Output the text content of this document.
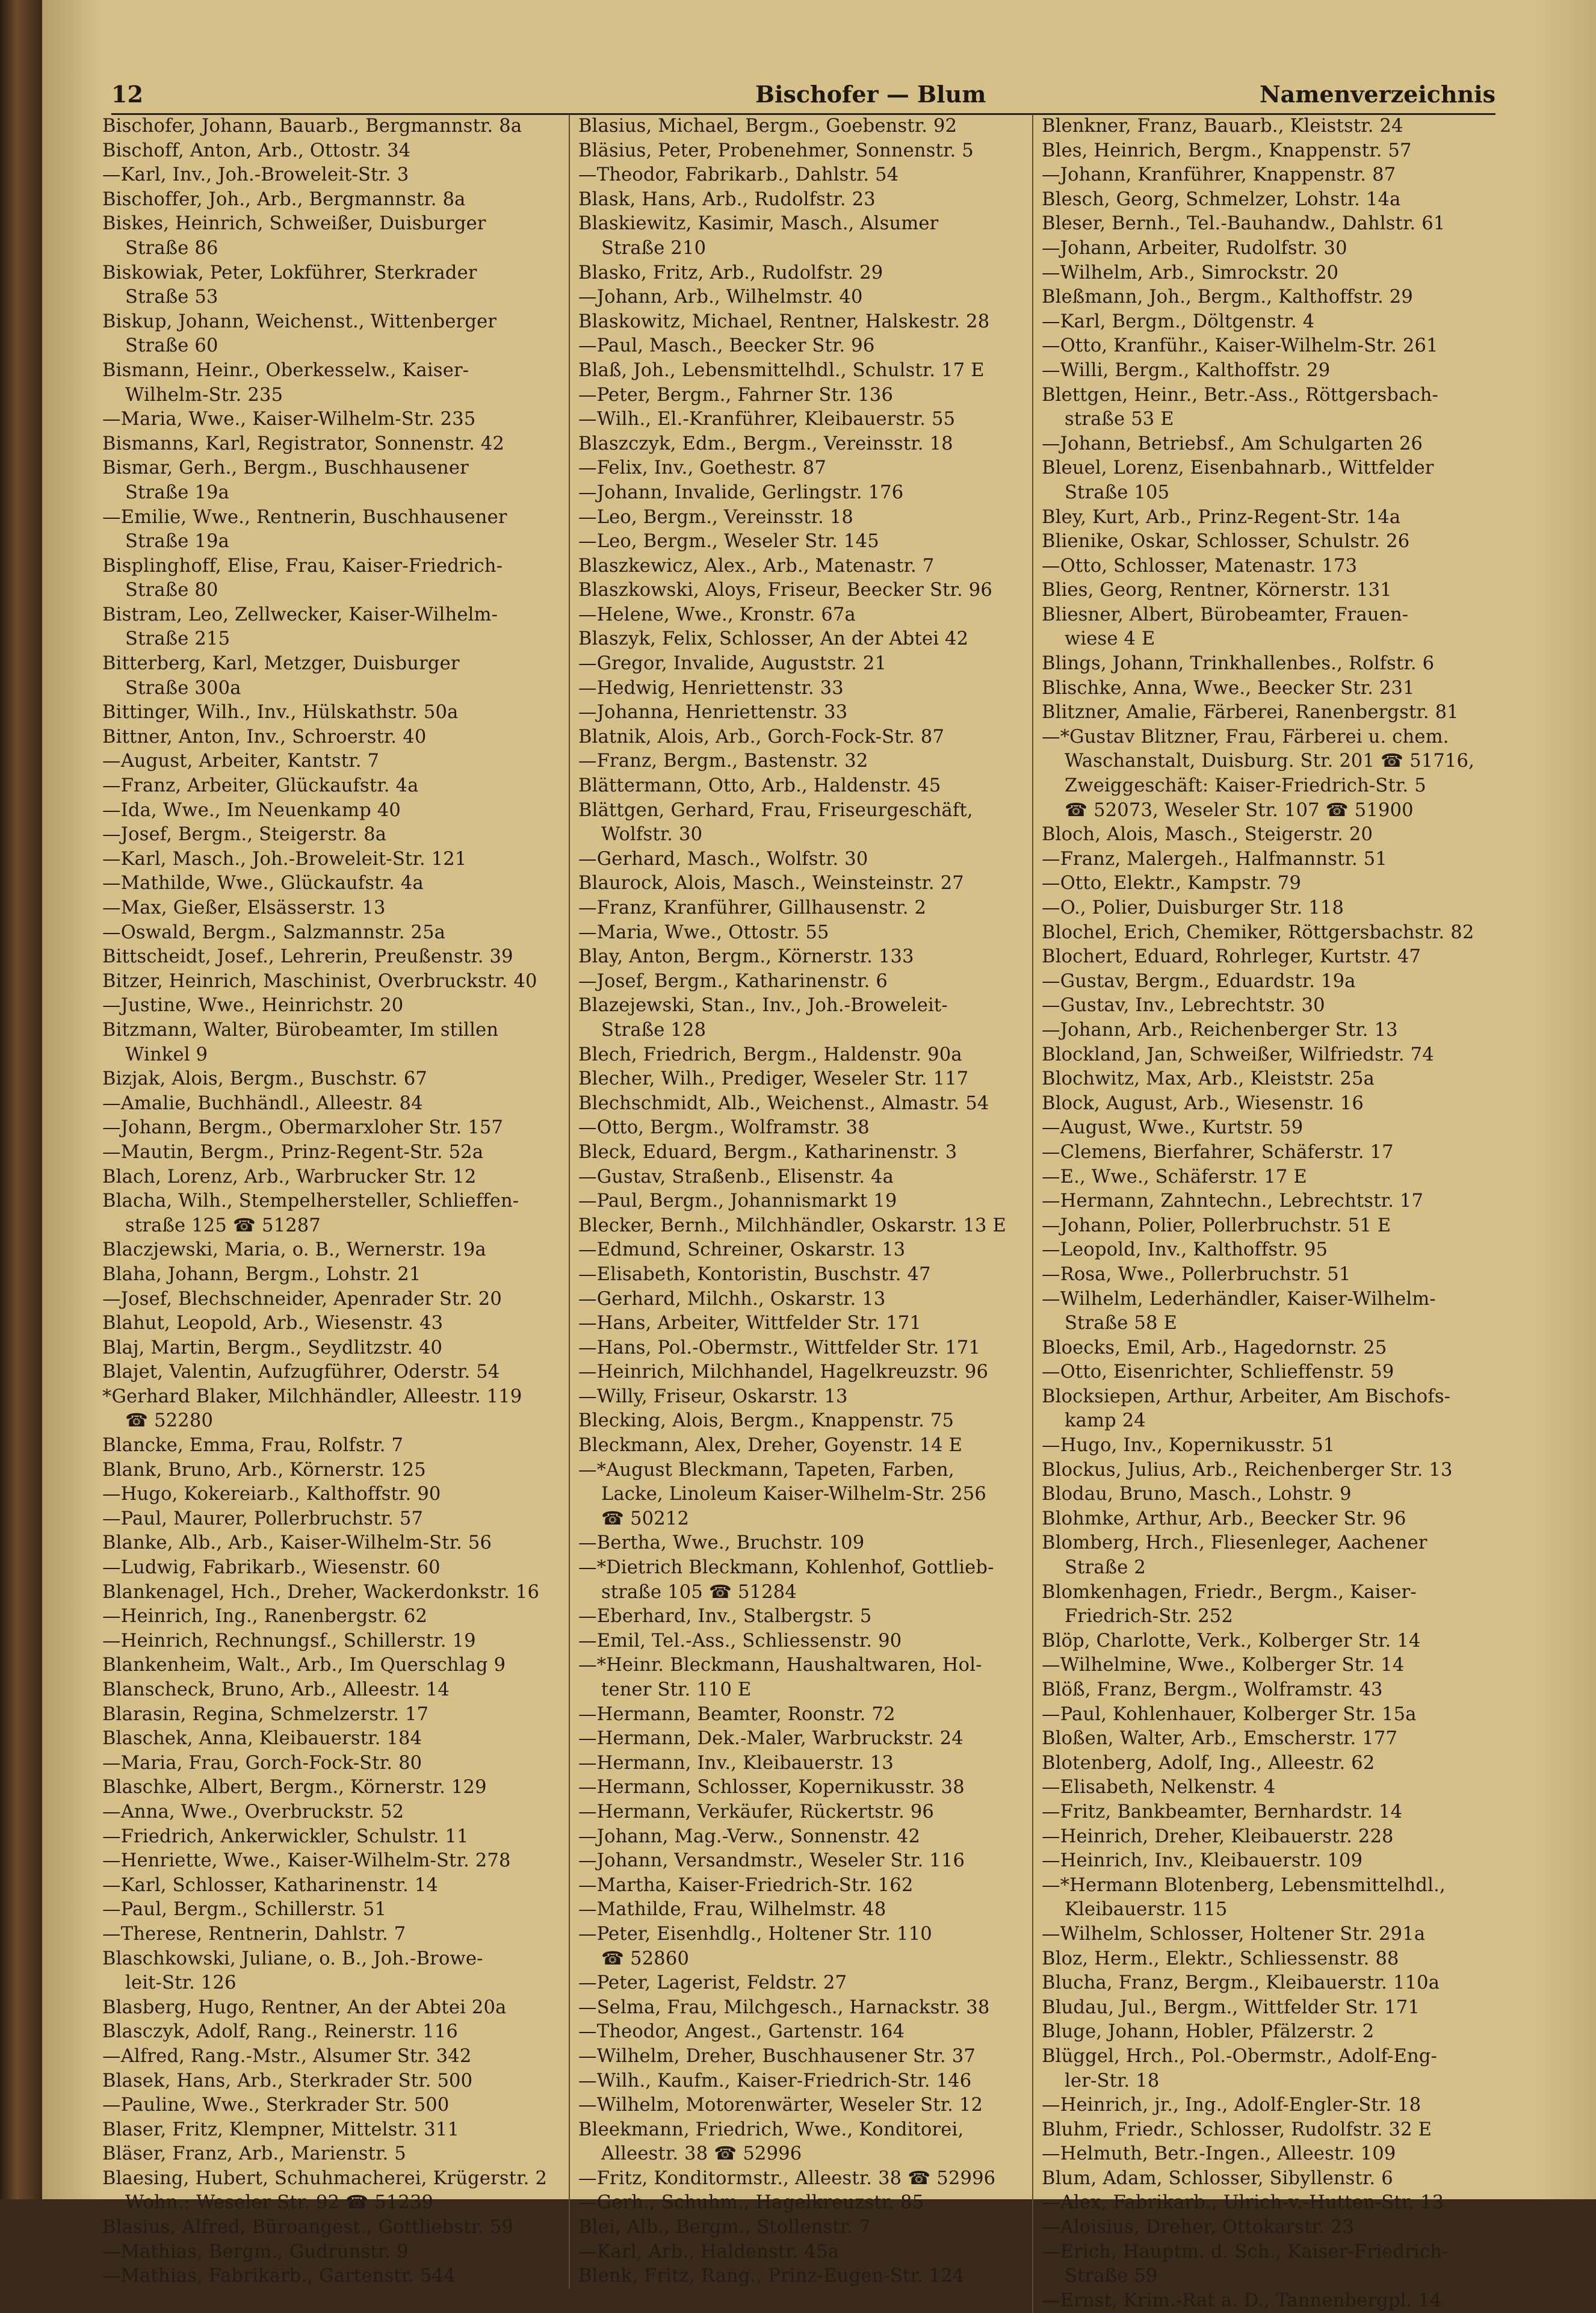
12	Bischofer — Blum	Namenverzeichnis
Bischofer, Johann, Bauarb., Bergmannstr. 8a
Bischoff, Anton, Arb., Ottostr. 34
—Karl, Inv., Joh.-Broweleit-Str. 3
Bischoffer, Joh., Arb., Bergmannstr. 8a
Biskes, Heinrich, Schweißer, Duisburger
Straße 86
Biskowiak, Peter, Lokführer, Sterkrader
Straße 53
Biskup, Johann, Weichenst., Wittenberger
Straße 60
Bismann, Heinr., Oberkesselw., Kaiser-
Wilhelm-Str. 235
—Maria, Wwe., Kaiser-Wilhelm-Str. 235
Bismanns, Karl, Registrator, Sonnenstr. 42
Bismar, Gerh., Bergm., Buschhausener
Straße 19a
—Emilie, Wwe., Rentnerin, Buschhausener
Straße 19a
Bisplinghoff, Elise, Frau, Kaiser-Friedrich-
Straße 80
Bistram, Leo, Zellwecker, Kaiser-Wilhelm-
Straße 215
Bitterberg, Karl, Metzger, Duisburger
Straße 300a
Bittinger, Wilh., Inv., Hülskathstr. 50a
Bittner, Anton, Inv., Schroerstr. 40
—August, Arbeiter, Kantstr. 7
—Franz, Arbeiter, Glückaufstr. 4a
—Ida, Wwe., Im Neuenkamp 40
—Josef, Bergm., Steigerstr. 8a
—Karl, Masch., Joh.-Broweleit-Str. 121
—Mathilde, Wwe., Glückaufstr. 4a
—Max, Gießer, Elsässerstr. 13
—Oswald, Bergm., Salzmannstr. 25a
Bittscheidt, Josef., Lehrerin, Preußenstr. 39
Bitzer, Heinrich, Maschinist, Overbruckstr. 40
—Justine, Wwe., Heinrichstr. 20
Bitzmann, Walter, Bürobeamter, Im stillen
Winkel 9
Bizjak, Alois, Bergm., Buschstr. 67
—Amalie, Buchhändl., Alleestr. 84
—Johann, Bergm., Obermarxloher Str. 157
—Mautin, Bergm., Prinz-Regent-Str. 52a
Blach, Lorenz, Arb., Warbrucker Str. 12
Blacha, Wilh., Stempelhersteller, Schlieffen-
straße 125 ☎ 51287
Blaczjewski, Maria, o. B., Wernerstr. 19a
Blaha, Johann, Bergm., Lohstr. 21
—Josef, Blechschneider, Apenrader Str. 20
Blahut, Leopold, Arb., Wiesenstr. 43
Blaj, Martin, Bergm., Seydlitzstr. 40
Blajet, Valentin, Aufzugführer, Oderstr. 54
*Gerhard Blaker, Milchhändler, Alleestr. 119
☎ 52280
Blancke, Emma, Frau, Rolfstr. 7
Blank, Bruno, Arb., Körnerstr. 125
—Hugo, Kokereiarb., Kalthoffstr. 90
—Paul, Maurer, Pollerbruchstr. 57
Blanke, Alb., Arb., Kaiser-Wilhelm-Str. 56
—Ludwig, Fabrikarb., Wiesenstr. 60
Blankenagel, Hch., Dreher, Wackerdonkstr. 16
—Heinrich, Ing., Ranenbergstr. 62
—Heinrich, Rechnungsf., Schillerstr. 19
Blankenheim, Walt., Arb., Im Querschlag 9
Blanscheck, Bruno, Arb., Alleestr. 14
Blarasin, Regina, Schmelzerstr. 17
Blaschek, Anna, Kleibauerstr. 184
—Maria, Frau, Gorch-Fock-Str. 80
Blaschke, Albert, Bergm., Körnerstr. 129
—Anna, Wwe., Overbruckstr. 52
—Friedrich, Ankerwickler, Schulstr. 11
—Henriette, Wwe., Kaiser-Wilhelm-Str. 278
—Karl, Schlosser, Katharinenstr. 14
—Paul, Bergm., Schillerstr. 51
—Therese, Rentnerin, Dahlstr. 7
Blaschkowski, Juliane, o. B., Joh.-Browe-
leit-Str. 126
Blasberg, Hugo, Rentner, An der Abtei 20a
Blasczyk, Adolf, Rang., Reinerstr. 116
—Alfred, Rang.-Mstr., Alsumer Str. 342
Blasek, Hans, Arb., Sterkrader Str. 500
—Pauline, Wwe., Sterkrader Str. 500
Blaser, Fritz, Klempner, Mittelstr. 311
Bläser, Franz, Arb., Marienstr. 5
Blaesing, Hubert, Schuhmacherei, Krügerstr. 2
Wohn.: Weseler Str. 92 ☎ 51239
Blasius, Alfred, Büroangest., Gottliebstr. 59
—Mathias, Bergm., Gudrunstr. 9
—Mathias, Fabrikarb., Gartenstr. 544
Blasius, Michael, Bergm., Goebenstr. 92
Bläsius, Peter, Probenehmer, Sonnenstr. 5
—Theodor, Fabrikarb., Dahlstr. 54
Blask, Hans, Arb., Rudolfstr. 23
Blaskiewitz, Kasimir, Masch., Alsumer
Straße 210
Blasko, Fritz, Arb., Rudolfstr. 29
—Johann, Arb., Wilhelmstr. 40
Blaskowitz, Michael, Rentner, Halskestr. 28
—Paul, Masch., Beecker Str. 96
Blaß, Joh., Lebensmittelhdl., Schulstr. 17 E
—Peter, Bergm., Fahrner Str. 136
—Wilh., El.-Kranführer, Kleibauerstr. 55
Blaszczyk, Edm., Bergm., Vereinsstr. 18
—Felix, Inv., Goethestr. 87
—Johann, Invalide, Gerlingstr. 176
—Leo, Bergm., Vereinsstr. 18
—Leo, Bergm., Weseler Str. 145
Blaszkewicz, Alex., Arb., Matenastr. 7
Blaszkowski, Aloys, Friseur, Beecker Str. 96
—Helene, Wwe., Kronstr. 67a
Blaszyk, Felix, Schlosser, An der Abtei 42
—Gregor, Invalide, Auguststr. 21
—Hedwig, Henriettenstr. 33
—Johanna, Henriettenstr. 33
Blatnik, Alois, Arb., Gorch-Fock-Str. 87
—Franz, Bergm., Bastenstr. 32
Blättermann, Otto, Arb., Haldenstr. 45
Blättgen, Gerhard, Frau, Friseurgeschäft,
Wolfstr. 30
—Gerhard, Masch., Wolfstr. 30
Blaurock, Alois, Masch., Weinsteinstr. 27
—Franz, Kranführer, Gillhausenstr. 2
—Maria, Wwe., Ottostr. 55
Blay, Anton, Bergm., Körnerstr. 133
—Josef, Bergm., Katharinenstr. 6
Blazejewski, Stan., Inv., Joh.-Broweleit-
Straße 128
Blech, Friedrich, Bergm., Haldenstr. 90a
Blecher, Wilh., Prediger, Weseler Str. 117
Blechschmidt, Alb., Weichenst., Almastr. 54
—Otto, Bergm., Wolframstr. 38
Bleck, Eduard, Bergm., Katharinenstr. 3
—Gustav, Straßenb., Elisenstr. 4a
—Paul, Bergm., Johannismarkt 19
Blecker, Bernh., Milchhändler, Oskarstr. 13 E
—Edmund, Schreiner, Oskarstr. 13
—Elisabeth, Kontoristin, Buschstr. 47
—Gerhard, Milchh., Oskarstr. 13
—Hans, Arbeiter, Wittfelder Str. 171
—Hans, Pol.-Obermstr., Wittfelder Str. 171
—Heinrich, Milchhandel, Hagelkreuzstr. 96
—Willy, Friseur, Oskarstr. 13
Blecking, Alois, Bergm., Knappenstr. 75
Bleckmann, Alex, Dreher, Goyenstr. 14 E
—*August Bleckmann, Tapeten, Farben,
Lacke, Linoleum Kaiser-Wilhelm-Str. 256
☎ 50212
—Bertha, Wwe., Bruchstr. 109
—*Dietrich Bleckmann, Kohlenhof, Gottlieb-
straße 105 ☎ 51284
—Eberhard, Inv., Stalbergstr. 5
—Emil, Tel.-Ass., Schliessenstr. 90
—*Heinr. Bleckmann, Haushaltwaren, Hol-
tener Str. 110 E
—Hermann, Beamter, Roonstr. 72
—Hermann, Dek.-Maler, Warbruckstr. 24
—Hermann, Inv., Kleibauerstr. 13
—Hermann, Schlosser, Kopernikusstr. 38
—Hermann, Verkäufer, Rückertstr. 96
—Johann, Mag.-Verw., Sonnenstr. 42
—Johann, Versandmstr., Weseler Str. 116
—Martha, Kaiser-Friedrich-Str. 162
—Mathilde, Frau, Wilhelmstr. 48
—Peter, Eisenhdlg., Holtener Str. 110
☎ 52860
—Peter, Lagerist, Feldstr. 27
—Selma, Frau, Milchgesch., Harnackstr. 38
—Theodor, Angest., Gartenstr. 164
—Wilhelm, Dreher, Buschhausener Str. 37
—Wilh., Kaufm., Kaiser-Friedrich-Str. 146
—Wilhelm, Motorenwärter, Weseler Str. 12
Bleekmann, Friedrich, Wwe., Konditorei,
Alleestr. 38 ☎ 52996
—Fritz, Konditormstr., Alleestr. 38 ☎ 52996
—Gerh., Schuhm., Hagelkreuzstr. 85
Blei, Alb., Bergm., Stollenstr. 7
—Karl, Arb., Haldenstr. 45a
Blenk, Fritz, Rang., Prinz-Eugen-Str. 124
Blenkner, Franz, Bauarb., Kleiststr. 24
Bles, Heinrich, Bergm., Knappenstr. 57
—Johann, Kranführer, Knappenstr. 87
Blesch, Georg, Schmelzer, Lohstr. 14a
Bleser, Bernh., Tel.-Bauhandw., Dahlstr. 61
—Johann, Arbeiter, Rudolfstr. 30
—Wilhelm, Arb., Simrockstr. 20
Bleßmann, Joh., Bergm., Kalthoffstr. 29
—Karl, Bergm., Döltgenstr. 4
—Otto, Kranführ., Kaiser-Wilhelm-Str. 261
—Willi, Bergm., Kalthoffstr. 29
Blettgen, Heinr., Betr.-Ass., Röttgersbach-
straße 53 E
—Johann, Betriebsf., Am Schulgarten 26
Bleuel, Lorenz, Eisenbahnarb., Wittfelder
Straße 105
Bley, Kurt, Arb., Prinz-Regent-Str. 14a
Blienike, Oskar, Schlosser, Schulstr. 26
—Otto, Schlosser, Matenastr. 173
Blies, Georg, Rentner, Körnerstr. 131
Bliesner, Albert, Bürobeamter, Frauen-
wiese 4 E
Blings, Johann, Trinkhallenbes., Rolfstr. 6
Blischke, Anna, Wwe., Beecker Str. 231
Blitzner, Amalie, Färberei, Ranenbergstr. 81
—*Gustav Blitzner, Frau, Färberei u. chem.
Waschanstalt, Duisburg. Str. 201 ☎ 51716,
Zweiggeschäft: Kaiser-Friedrich-Str. 5
☎ 52073, Weseler Str. 107 ☎ 51900
Bloch, Alois, Masch., Steigerstr. 20
—Franz, Malergeh., Halfmannstr. 51
—Otto, Elektr., Kampstr. 79
—O., Polier, Duisburger Str. 118
Blochel, Erich, Chemiker, Röttgersbachstr. 82
Blochert, Eduard, Rohrleger, Kurtstr. 47
—Gustav, Bergm., Eduardstr. 19a
—Gustav, Inv., Lebrechtstr. 30
—Johann, Arb., Reichenberger Str. 13
Blockland, Jan, Schweißer, Wilfriedstr. 74
Blochwitz, Max, Arb., Kleiststr. 25a
Block, August, Arb., Wiesenstr. 16
—August, Wwe., Kurtstr. 59
—Clemens, Bierfahrer, Schäferstr. 17
—E., Wwe., Schäferstr. 17 E
—Hermann, Zahntechn., Lebrechtstr. 17
—Johann, Polier, Pollerbruchstr. 51 E
—Leopold, Inv., Kalthoffstr. 95
—Rosa, Wwe., Pollerbruchstr. 51
—Wilhelm, Lederhändler, Kaiser-Wilhelm-
Straße 58 E
Bloecks, Emil, Arb., Hagedornstr. 25
—Otto, Eisenrichter, Schlieffenstr. 59
Blocksiepen, Arthur, Arbeiter, Am Bischofs-
kamp 24
—Hugo, Inv., Kopernikusstr. 51
Blockus, Julius, Arb., Reichenberger Str. 13
Blodau, Bruno, Masch., Lohstr. 9
Blohmke, Arthur, Arb., Beecker Str. 96
Blomberg, Hrch., Fliesenleger, Aachener
Straße 2
Blomkenhagen, Friedr., Bergm., Kaiser-
Friedrich-Str. 252
Blöp, Charlotte, Verk., Kolberger Str. 14
—Wilhelmine, Wwe., Kolberger Str. 14
Blöß, Franz, Bergm., Wolframstr. 43
—Paul, Kohlenhauer, Kolberger Str. 15a
Bloßen, Walter, Arb., Emscherstr. 177
Blotenberg, Adolf, Ing., Alleestr. 62
—Elisabeth, Nelkenstr. 4
—Fritz, Bankbeamter, Bernhardstr. 14
—Heinrich, Dreher, Kleibauerstr. 228
—Heinrich, Inv., Kleibauerstr. 109
—*Hermann Blotenberg, Lebensmittelhdl.,
Kleibauerstr. 115
—Wilhelm, Schlosser, Holtener Str. 291a
Bloz, Herm., Elektr., Schliessenstr. 88
Blucha, Franz, Bergm., Kleibauerstr. 110a
Bludau, Jul., Bergm., Wittfelder Str. 171
Bluge, Johann, Hobler, Pfälzerstr. 2
Blüggel, Hrch., Pol.-Obermstr., Adolf-Eng-
ler-Str. 18
—Heinrich, jr., Ing., Adolf-Engler-Str. 18
Bluhm, Friedr., Schlosser, Rudolfstr. 32 E
—Helmuth, Betr.-Ingen., Alleestr. 109
Blum, Adam, Schlosser, Sibyllenstr. 6
—Alex, Fabrikarb., Ulrich-v.-Hutten-Str. 13
—Aloisius, Dreher, Ottokarstr. 23
—Erich, Hauptm. d. Sch., Kaiser-Friedrich-
Straße 59
—Ernst, Krim.-Rat a. D., Tannenbergpl. 14
